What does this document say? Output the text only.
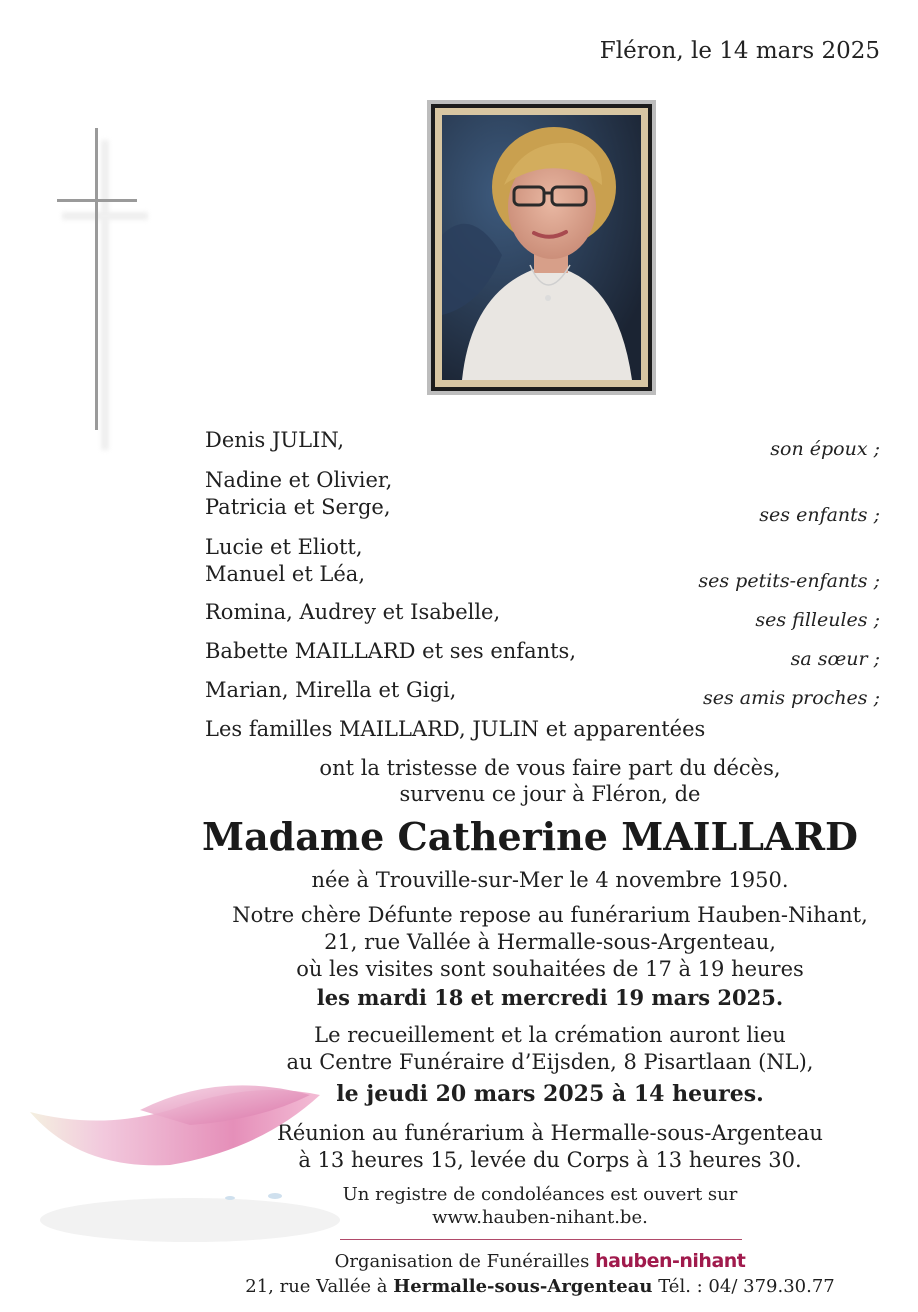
Fléron, le 14 mars 2025
Denis JULIN,	son époux ;
Nadine et Olivier,
Patricia et Serge,	ses enfants ;
Lucie et Eliott,
Manuel et Léa,	ses petits-enfants ;
Romina, Audrey et Isabelle,	ses filleules ;
Babette MAILLARD et ses enfants,	sa sœur ;
Marian, Mirella et Gigi,	ses amis proches ;
Les familles MAILLARD, JULIN et apparentées
ont la tristesse de vous faire part du décès,
survenu ce jour à Fléron, de
Madame Catherine MAILLARD
née à Trouville-sur-Mer le 4 novembre 1950.
Notre chère Défunte repose au funérarium Hauben-Nihant,
21, rue Vallée à Hermalle-sous-Argenteau,
où les visites sont souhaitées de 17 à 19 heures
les mardi 18 et mercredi 19 mars 2025.
Le recueillement et la crémation auront lieu
au Centre Funéraire d’Eijsden, 8 Pisartlaan (NL),
le jeudi 20 mars 2025 à 14 heures.
Réunion au funérarium à Hermalle-sous-Argenteau
à 13 heures 15, levée du Corps à 13 heures 30.
Un registre de condoléances est ouvert sur
www.hauben-nihant.be.
Organisation de Funérailles hauben-nihant
21, rue Vallée à Hermalle-sous-Argenteau Tél. : 04/ 379.30.77
